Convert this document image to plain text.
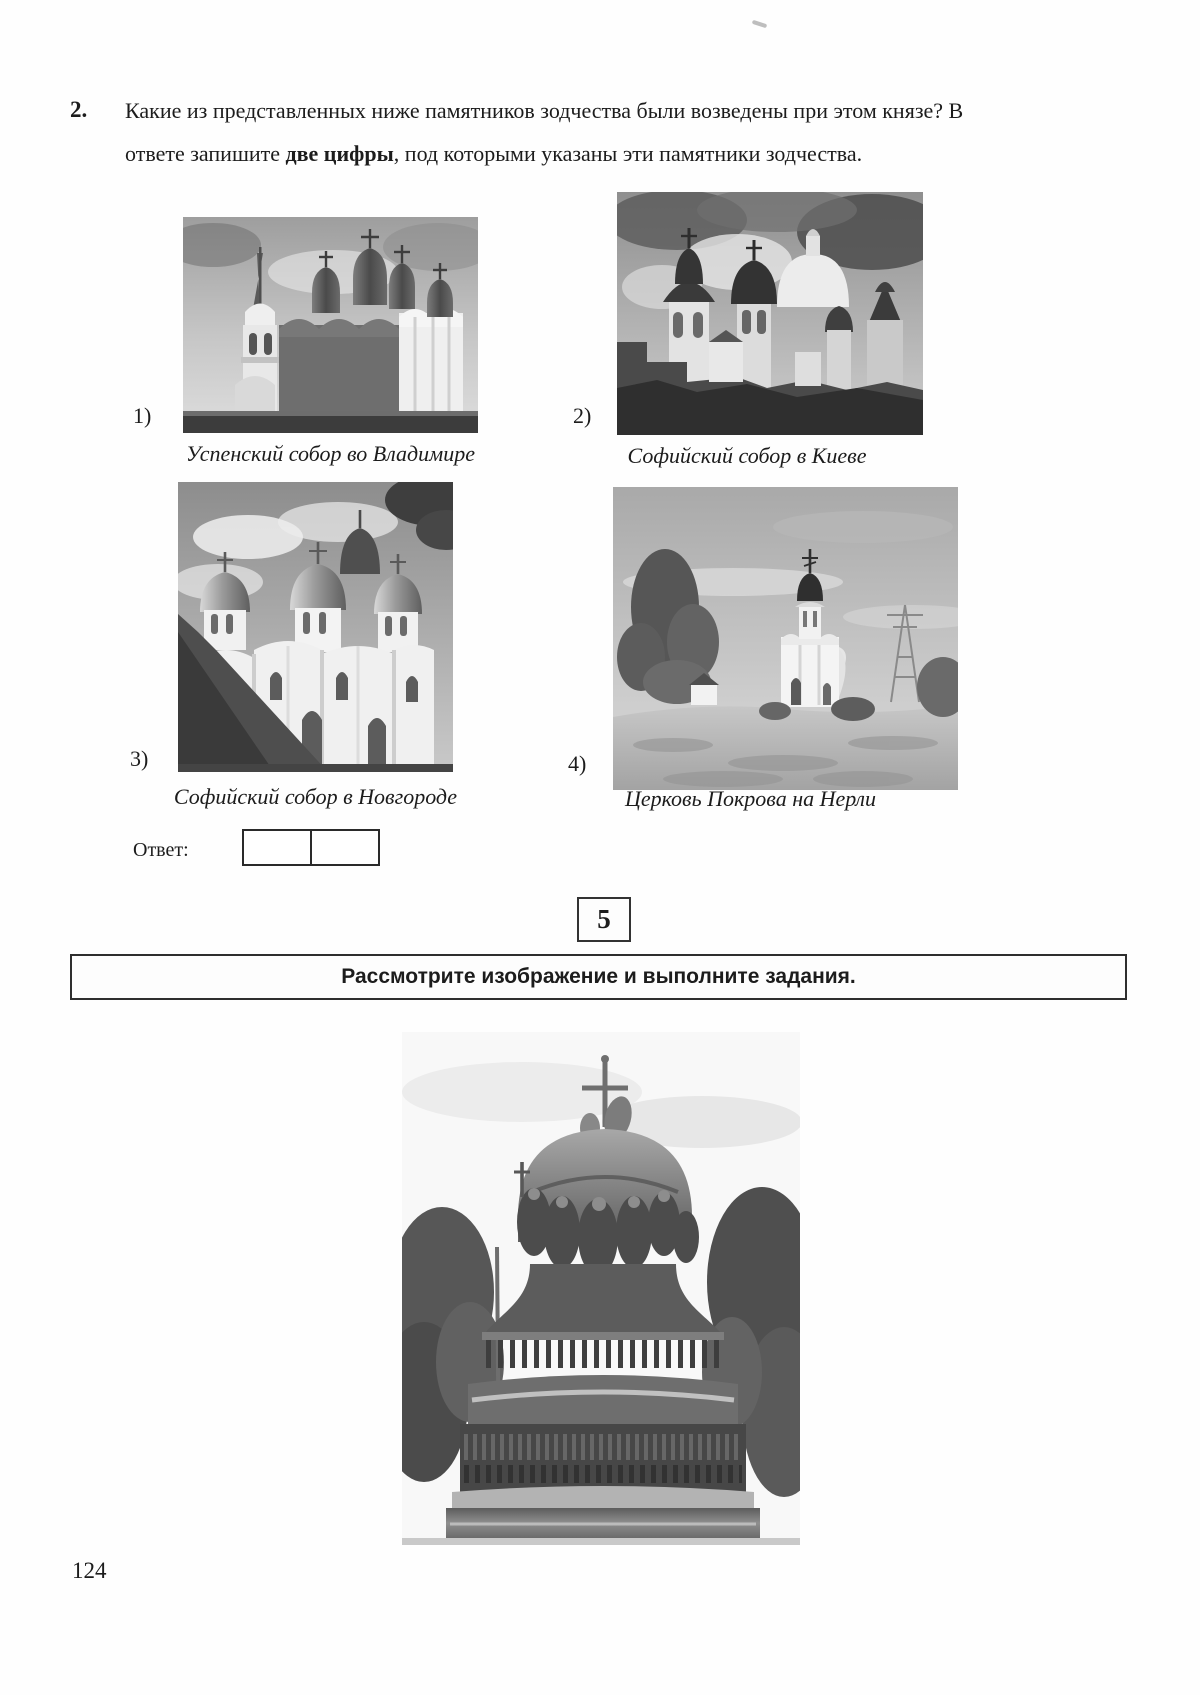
2. Какие из представленных ниже памятников зодчества были возведены при этом князе? В
ответе запишите две цифры, под которыми указаны эти памятники зодчества.
1)
Успенский собор во Владимире
2)
Софийский собор в Киеве
3)
Софийский собор в Новгороде
4)
Церковь Покрова на Нерли
Ответ:
5
Рассмотрите изображение и выполните задания.
124
